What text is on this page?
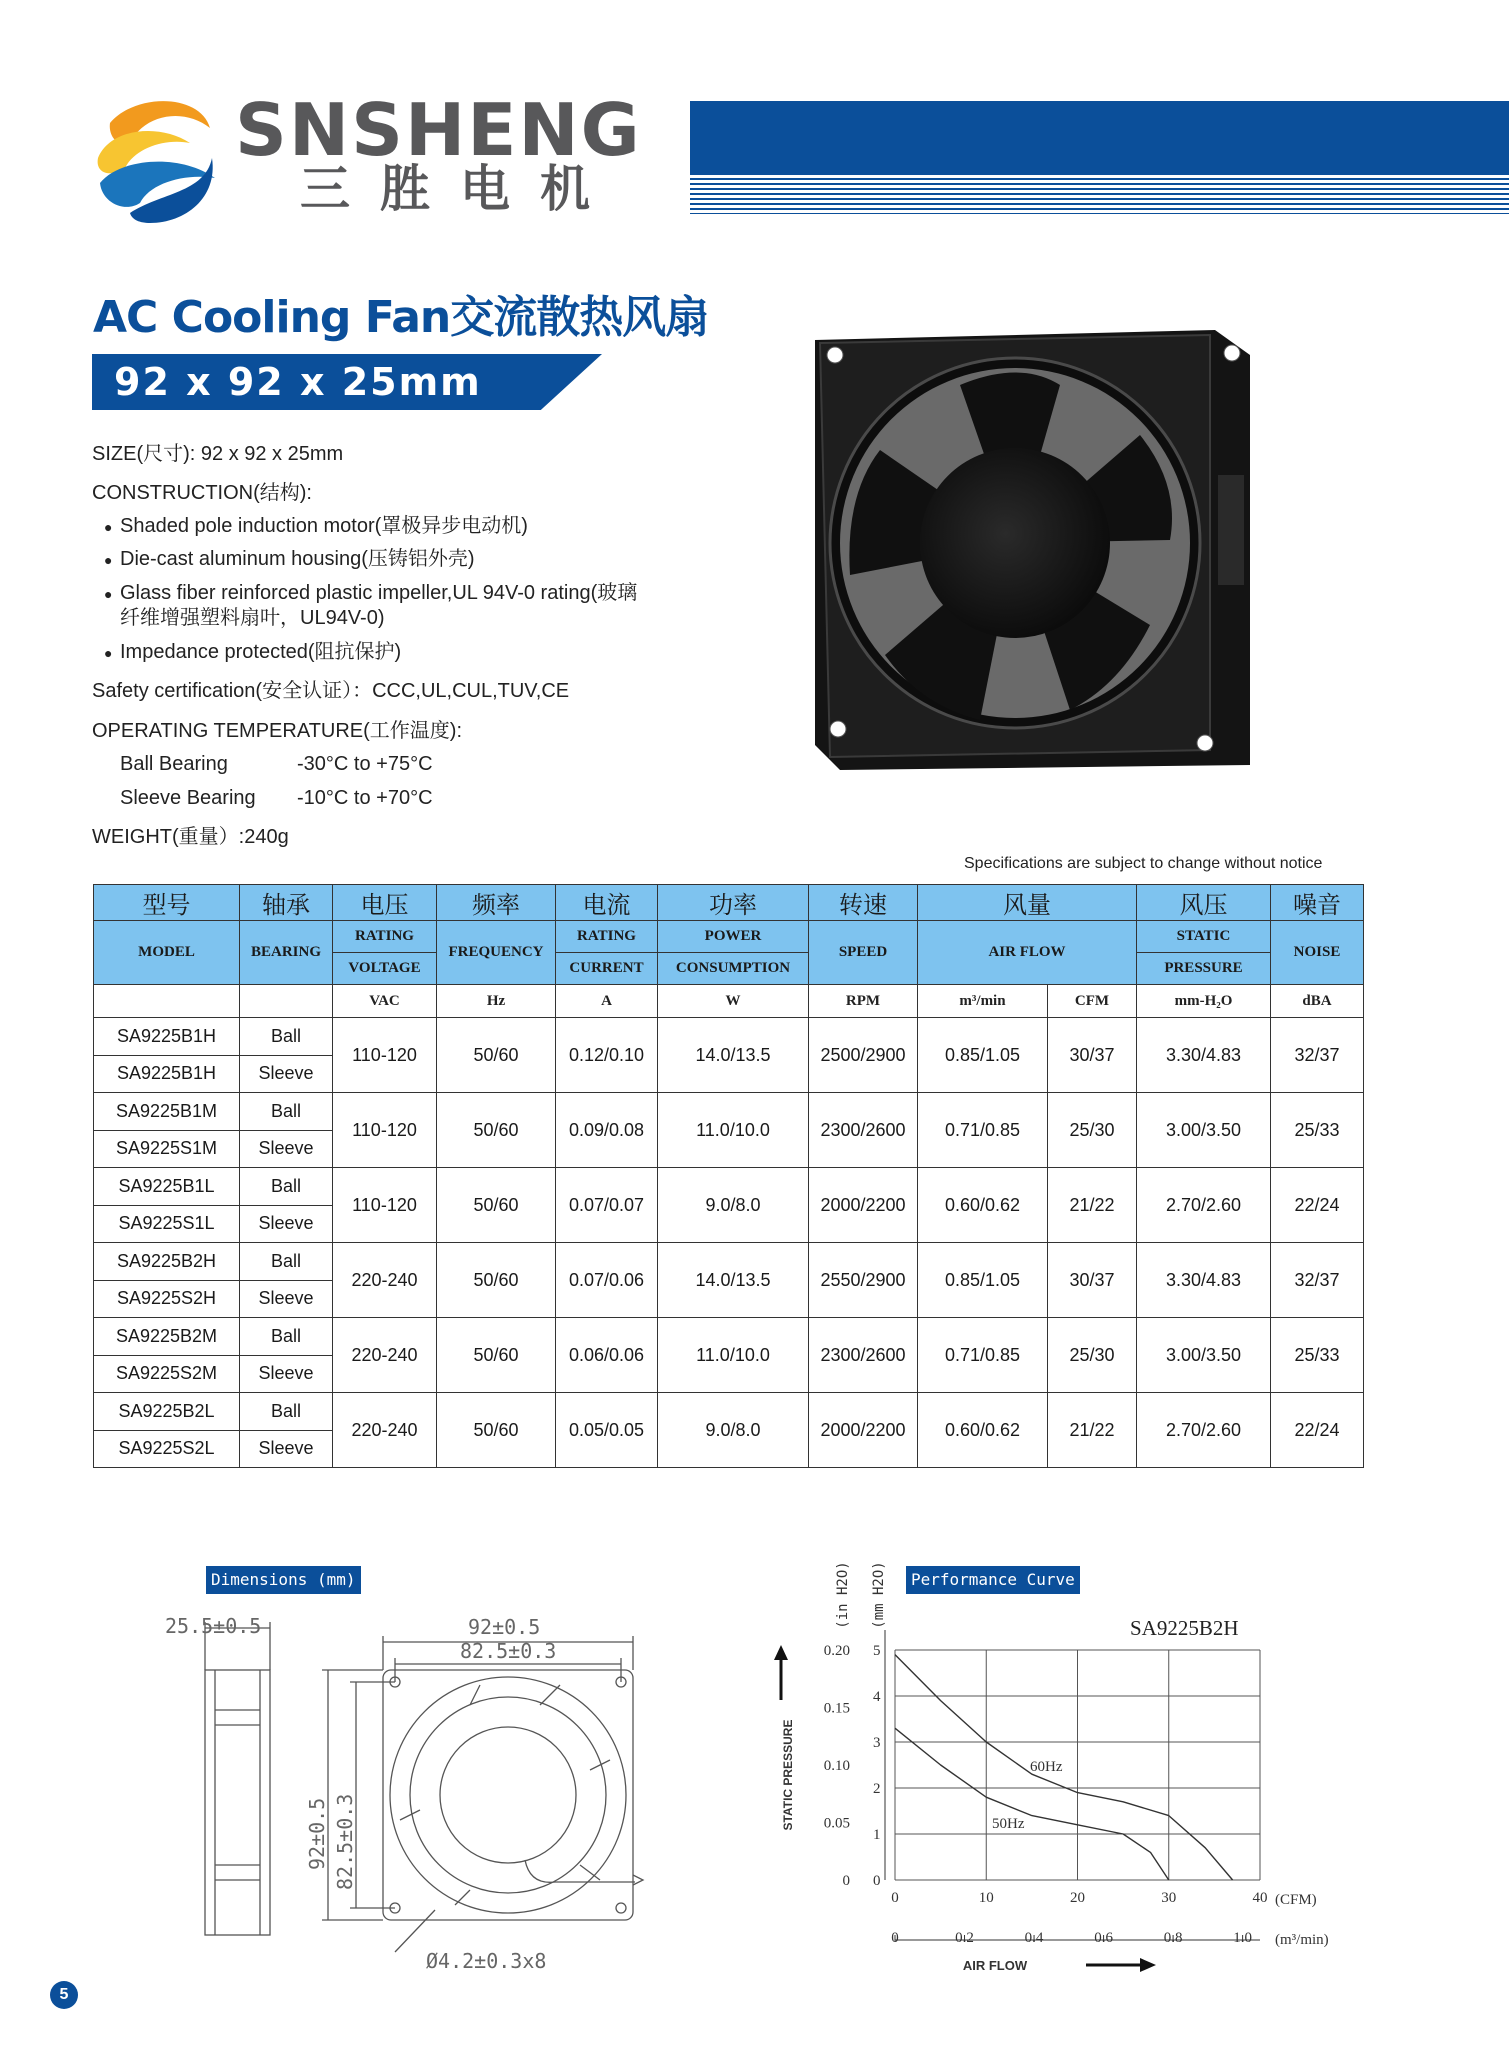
SNSHENG
三胜电机
AC Cooling Fan交流散热风扇
92 x 92 x 25mm
SIZE(尺寸): 92 x 92 x 25mm
CONSTRUCTION(结构):
● Shaded pole induction motor(罩极异步电动机)
● Die-cast aluminum housing(压铸铝外壳)
● Glass fiber reinforced plastic impeller,UL 94V-0 rating(玻璃
纤维增强塑料扇叶，UL94V-0)
● Impedance protected(阻抗保护)
Safety certification(安全认证）：CCC,UL,CUL,TUV,CE
OPERATING TEMPERATURE(工作温度):
Ball Bearing	-30°C to +75°C
Sleeve Bearing -10°C to +70°C
WEIGHT(重量）:240g
Specifications are subject to change without notice
型号	轴承	电压	频率	电流	功率	转速	风量		风压	噪音
MODEL	BEARING	RATING	FREQUENCY	RATING	POWER	SPEED	AIR FLOW		STATIC	NOISE
		VOLTAGE		CURRENT	CONSUMPTION				PRESSURE	
		VAC	Hz	A	W	RPM	m³/min	CFM	mm-H₂O	dBA
SA9225B1H	Ball	110-120	50/60	0.12/0.10	14.0/13.5	2500/2900	0.85/1.05	30/37	3.30/4.83	32/37
SA9225B1H	Sleeve									
SA9225B1M	Ball	110-120	50/60	0.09/0.08	11.0/10.0	2300/2600	0.71/0.85	25/30	3.00/3.50	25/33
SA9225S1M	Sleeve									
SA9225B1L	Ball	110-120	50/60	0.07/0.07	9.0/8.0	2000/2200	0.60/0.62	21/22	2.70/2.60	22/24
SA9225S1L	Sleeve									
SA9225B2H	Ball	220-240	50/60	0.07/0.06	14.0/13.5	2550/2900	0.85/1.05	30/37	3.30/4.83	32/37
SA9225S2H	Sleeve									
SA9225B2M	Ball	220-240	50/60	0.06/0.06	11.0/10.0	2300/2600	0.71/0.85	25/30	3.00/3.50	25/33
SA9225S2M	Sleeve									
SA9225B2L	Ball	220-240	50/60	0.05/0.05	9.0/8.0	2000/2200	0.60/0.62	21/22	2.70/2.60	22/24
SA9225S2L	Sleeve									
Dimensions (mm)
25.5±0.5	92±0.5
82.5±0.3
92±0.5 82.5±0.3
Ø4.2±0.3x8
Performance Curve
5
4
3
2
1
0
0.20
0.15
0.10
0.05
0
0	10	20	30	40
0	0.2	0.4	0.6	0.8	1.0
SA9225B2H
(in H2O) (mm H2O)
STATIC PRESSURE
AIR FLOW
(CFM)
(m³/min)
60Hz
50Hz
5
